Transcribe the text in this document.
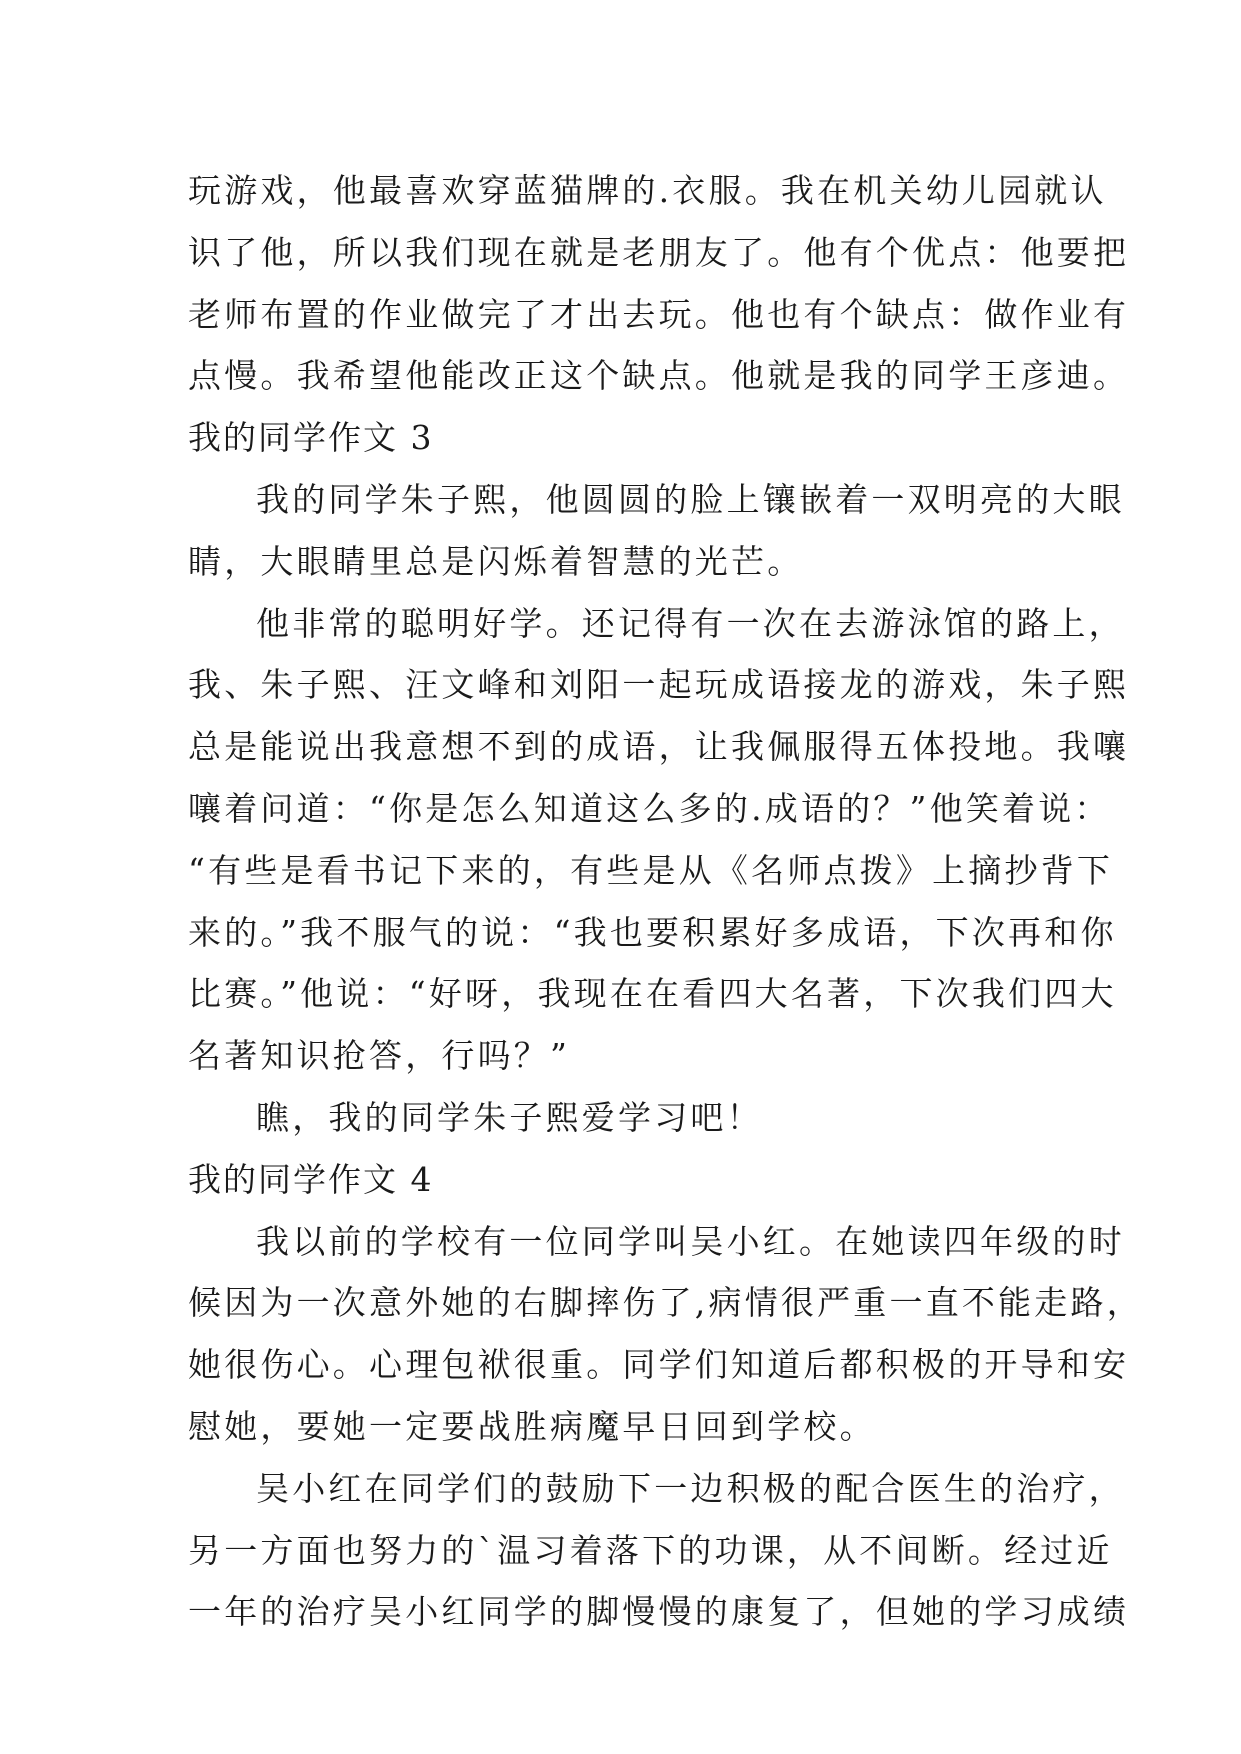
玩游戏，他最喜欢穿蓝猫牌的.衣服。我在机关幼儿园就认
识了他，所以我们现在就是老朋友了。他有个优点：他要把
老师布置的作业做完了才出去玩。他也有个缺点：做作业有
点慢。我希望他能改正这个缺点。他就是我的同学王彦迪。
我的同学作文 3
我的同学朱子熙，他圆圆的脸上镶嵌着一双明亮的大眼
睛，大眼睛里总是闪烁着智慧的光芒。
他非常的聪明好学。还记得有一次在去游泳馆的路上，
我、朱子熙、汪文峰和刘阳一起玩成语接龙的游戏，朱子熙
总是能说出我意想不到的成语，让我佩服得五体投地。我嚷
嚷着问道：“你是怎么知道这么多的.成语的？”他笑着说：
“有些是看书记下来的，有些是从《名师点拨》上摘抄背下
来的。”我不服气的说：“我也要积累好多成语，下次再和你
比赛。”他说：“好呀，我现在在看四大名著，下次我们四大
名著知识抢答，行吗？”
瞧，我的同学朱子熙爱学习吧！
我的同学作文 4
我以前的学校有一位同学叫吴小红。在她读四年级的时
候因为一次意外她的右脚摔伤了,病情很严重一直不能走路，
她很伤心。心理包袱很重。同学们知道后都积极的开导和安
慰她，要她一定要战胜病魔早日回到学校。
吴小红在同学们的鼓励下一边积极的配合医生的治疗，
另一方面也努力的`温习着落下的功课，从不间断。经过近
一年的治疗吴小红同学的脚慢慢的康复了，但她的学习成绩
